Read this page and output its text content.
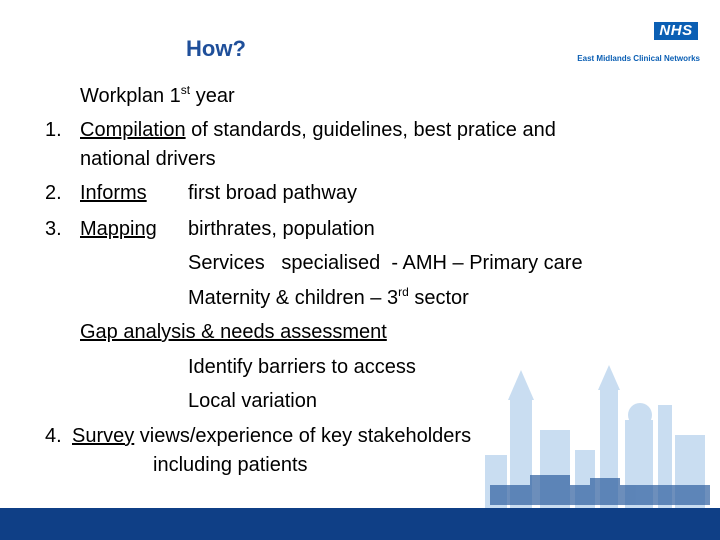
How?
NHS
East Midlands Clinical Networks
Workplan 1st year
1. Compilation of standards, guidelines, best pratice and
national drivers
2. Informs first broad pathway
3. Mapping birthrates, population
Services   specialised  - AMH – Primary care
Maternity & children – 3rd sector
Gap analysis & needs assessment
Identify barriers to access
Local variation
4. Survey views/experience of key stakeholders
including patients
